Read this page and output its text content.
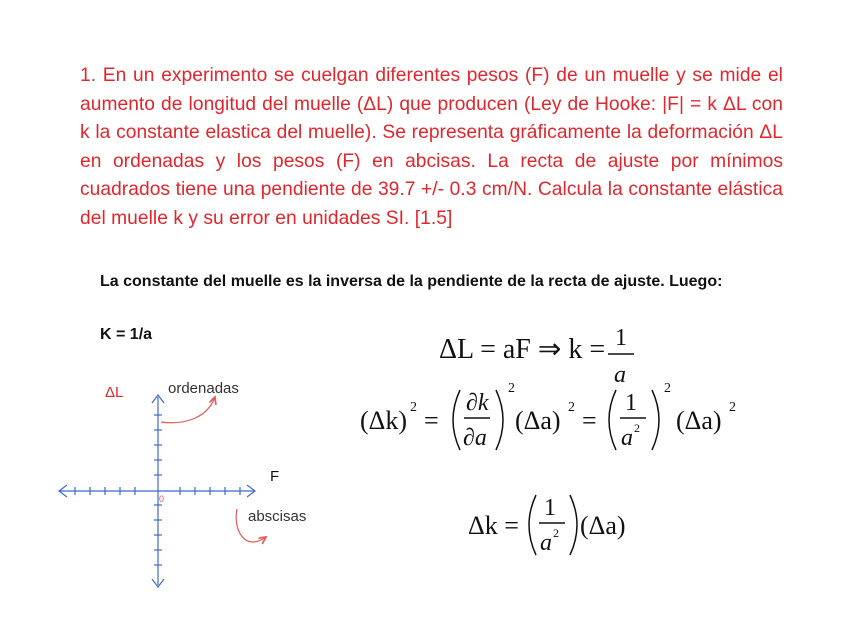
1. En un experimento se cuelgan diferentes pesos (F) de un muelle y se mide el aumento de longitud del muelle (ΔL) que producen (Ley de Hooke: |F| = k ΔL con k la constante elastica del muelle). Se representa gráficamente la deformación ΔL en ordenadas y los pesos (F) en abcisas. La recta de ajuste por mínimos cuadrados tiene una pendiente de 39.7 +/- 0.3 cm/N. Calcula la constante elástica del muelle k y su error en unidades SI. [1.5]
La constante del muelle es la inversa de la pendiente de la recta de ajuste. Luego:
K = 1/a
0
ΔL
F
ordenadas
abscisas
ΔL = aF ⇒ k = 1
a
(Δk) 2 =
∂k
∂a
2
(Δa) 2 =
1
a 2
2
(Δa) 2
Δk =
1
a 2 (Δa)
